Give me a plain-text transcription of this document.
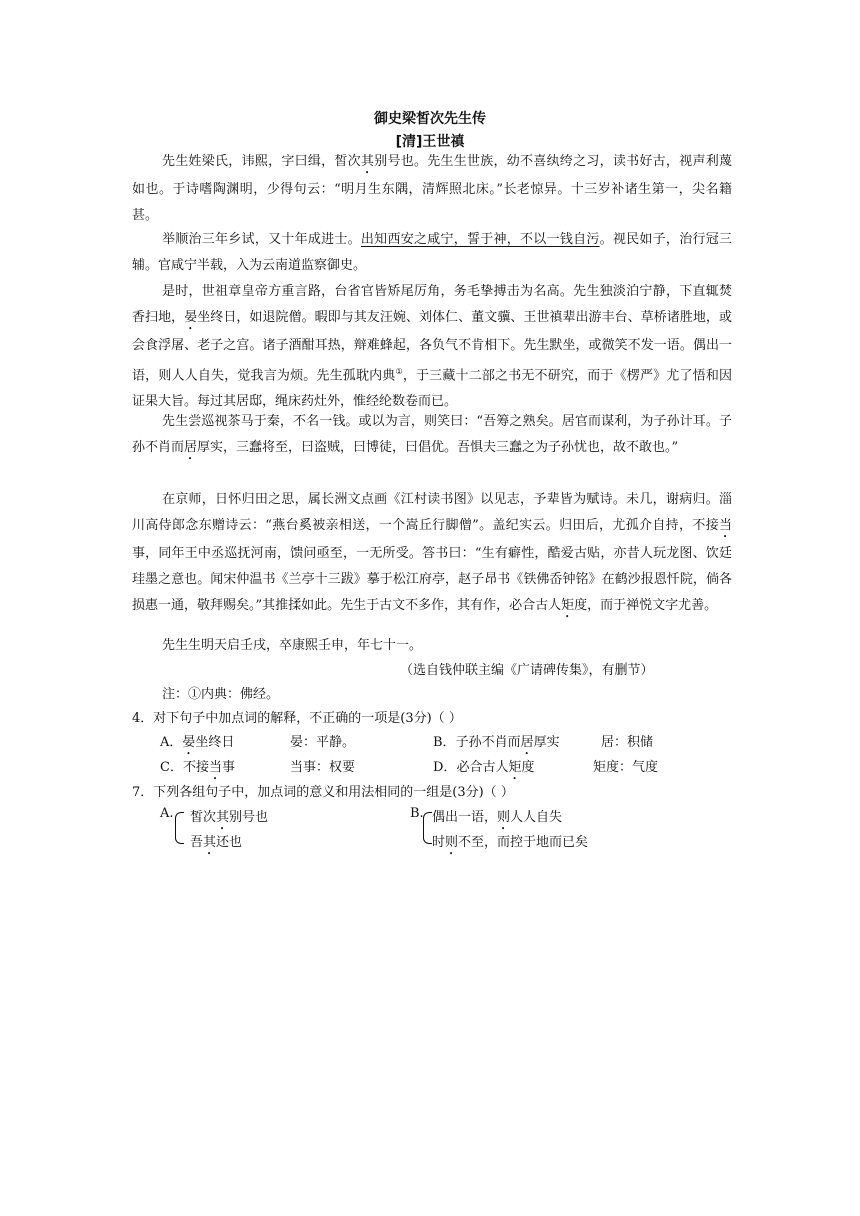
御史梁皙次先生传
[清]王世禛
先生姓梁氏，讳熙，字曰缉，皙次其别号也。先生生世族，幼不喜纨绔之习，读书好古，视声利蔑如也。于诗嗜陶渊明，少得句云：“明月生东隅，清辉照北床。”长老惊异。十三岁补诸生第一，尖名籍甚。
举顺治三年乡试，又十年成进士。出知西安之咸宁，誓于神，不以一钱自污。视民如子，治行冠三辅。官咸宁半载，入为云南道监察御史。
是时，世祖章皇帝方重言路，台省官皆矫尾厉角，务毛挚搏击为名高。先生独淡泊宁静，下直辄焚香扫地，晏坐终日，如退院僧。暇即与其友汪婉、刘体仁、董文骥、王世禛辈出游丰台、草桥诸胜地，或会食浮屠、老子之宫。诸子酒酣耳热，辩难蜂起，各负气不肯相下。先生默坐，或微笑不发一语。偶出一语，则人人自失，觉我言为烦。先生孤耽内典①，于三藏十二部之书无不研究，而于《楞严》尤了悟和因证果大旨。每过其居邸，绳床药灶外，惟经纶数卷而已。
先生尝巡视茶马于秦，不名一钱。或以为言，则笑曰：“吾筹之熟矣。居官而谋利，为子孙计耳。子孙不肖而居厚实，三蠢将至，曰盗贼，曰博徒，曰倡优。吾惧夫三蠢之为子孙忧也，故不敢也。”
在京师，日怀归田之思，属长洲文点画《江村读书图》以见志，予辈皆为赋诗。未几，谢病归。淄川高侍郎念东赠诗云：“燕台奚被亲相送，一个嵩丘行脚僧”。盖纪实云。归田后，尤孤介自持，不接当事，同年王中丞巡抚河南，馈问亟至，一无所受。答书曰：“生有癖性，酷爱古贴，亦昔人玩龙图、饮廷珪墨之意也。闻宋仲温书《兰亭十三跋》摹于松江府亭，赵子昂书《铁佛岙钟铭》在鹤沙报恩忏院，倘各损惠一通，敬拜赐矣。”其推揉如此。先生于古文不多作，其有作，必合古人矩度，而于禅悦文字尤善。
先生生明天启壬戌，卒康熙壬申，年七十一。
（选自钱仲联主编《广请碑传集》，有删节）
注：①内典：佛经。
4．对下句子中加点词的解释，不正确的一项是(3分)（ ）
A．晏坐终日	晏：平静。	B．子孙不肖而居厚实	居：积储
C．不接当事	当事：权要	D．必合古人矩度	矩度：气度
7．下列各组句子中，加点词的意义和用法相同的一组是(3分)（ ）
A. 皙次其别号也
吾其还也
B. 偶出一语，则人人自失
时则不至，而控于地而已矣
